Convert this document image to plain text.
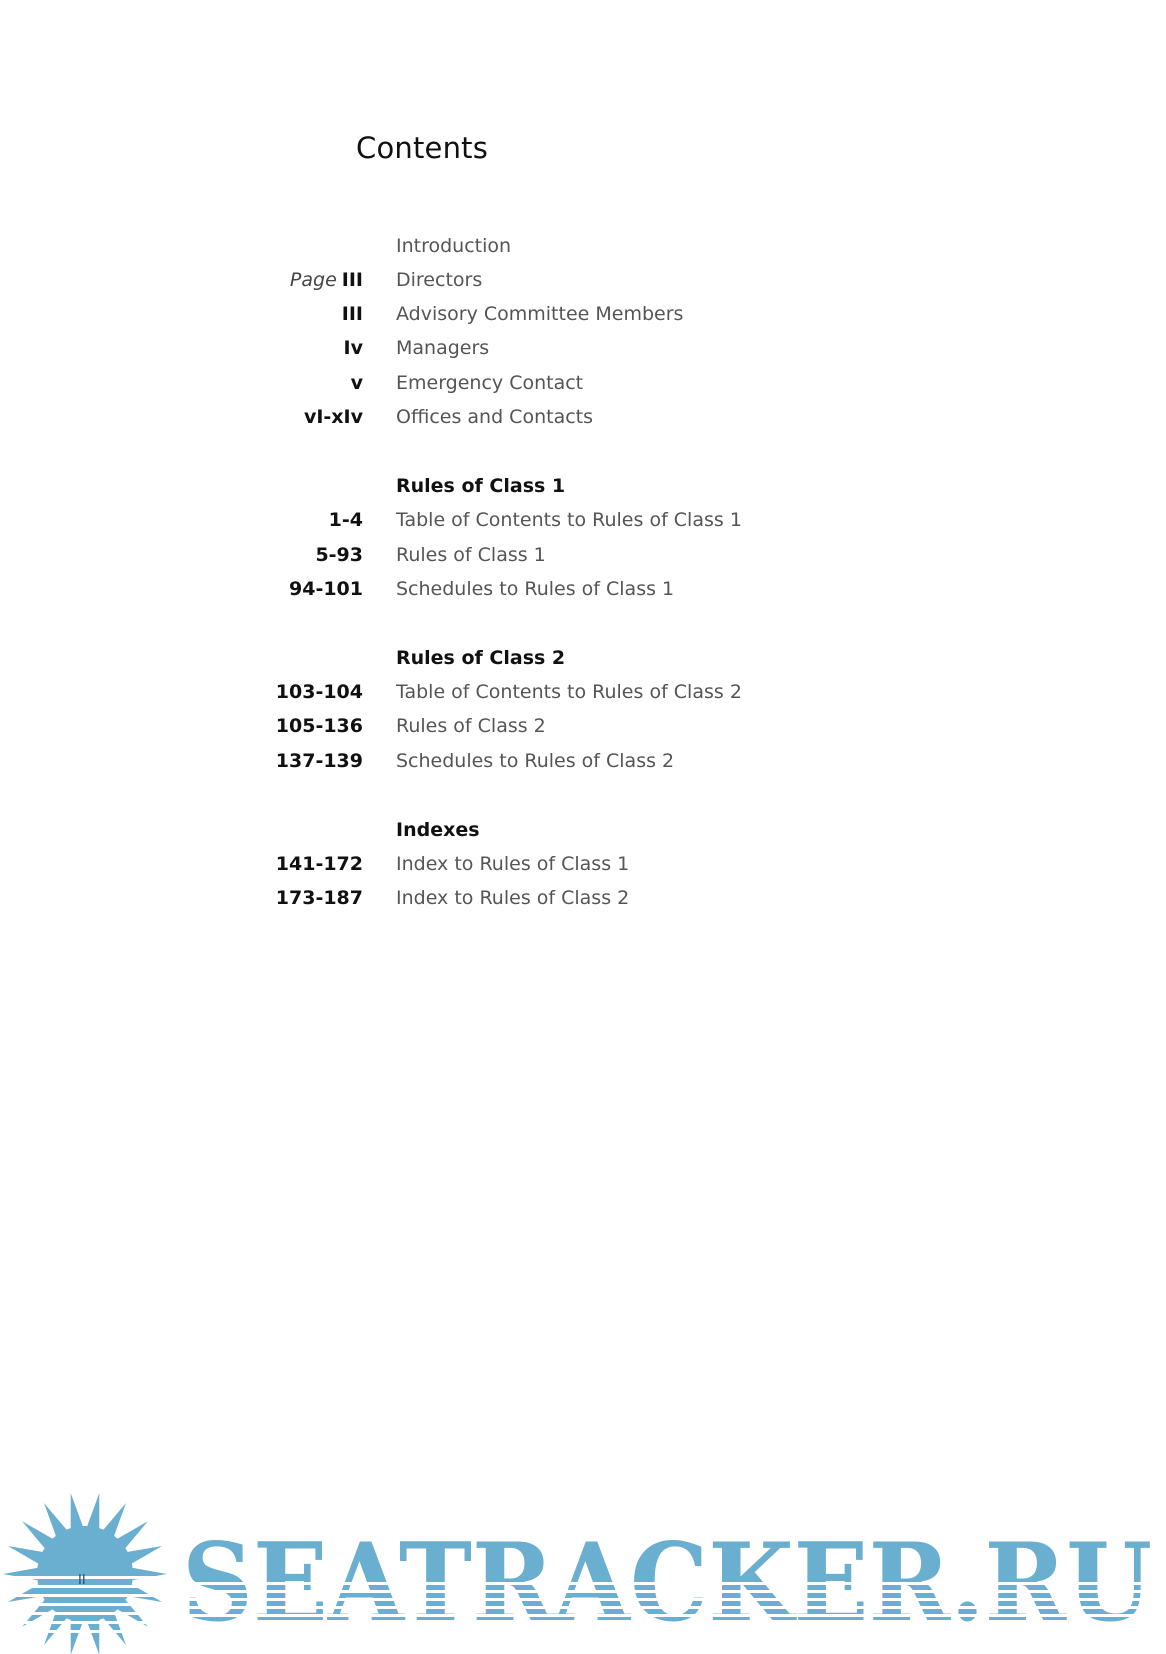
Contents
Introduction
Page III Directors
III Advisory Committee Members
Iv Managers
v Emergency Contact
vI-xIv Offices and Contacts
Rules of Class 1
1-4 Table of Contents to Rules of Class 1
5-93 Rules of Class 1
94-101 Schedules to Rules of Class 1
Rules of Class 2
103-104 Table of Contents to Rules of Class 2
105-136 Rules of Class 2
137-139 Schedules to Rules of Class 2
Indexes
141-172 Index to Rules of Class 1
173-187 Index to Rules of Class 2
II
